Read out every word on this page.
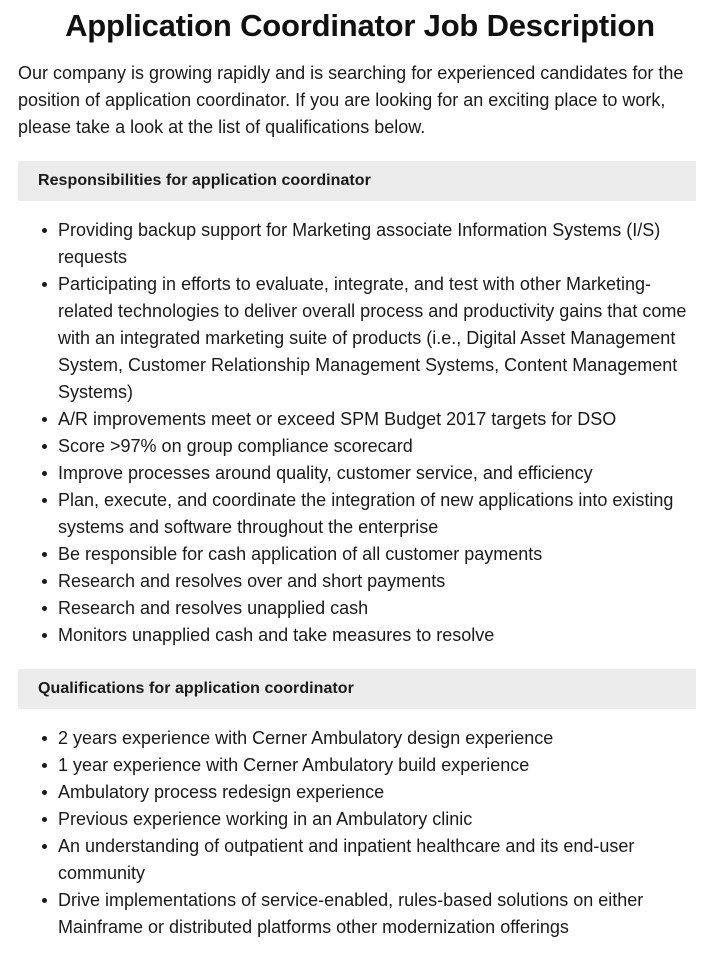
Application Coordinator Job Description

Our company is growing rapidly and is searching for experienced candidates for the position of application coordinator. If you are looking for an exciting place to work, please take a look at the list of qualifications below.

Responsibilities for application coordinator
Providing backup support for Marketing associate Information Systems (I/S) requests
Participating in efforts to evaluate, integrate, and test with other Marketing-related technologies to deliver overall process and productivity gains that come with an integrated marketing suite of products (i.e., Digital Asset Management System, Customer Relationship Management Systems, Content Management Systems)
A/R improvements meet or exceed SPM Budget 2017 targets for DSO
Score >97% on group compliance scorecard
Improve processes around quality, customer service, and efficiency
Plan, execute, and coordinate the integration of new applications into existing systems and software throughout the enterprise
Be responsible for cash application of all customer payments
Research and resolves over and short payments
Research and resolves unapplied cash
Monitors unapplied cash and take measures to resolve
Qualifications for application coordinator
2 years experience with Cerner Ambulatory design experience
1 year experience with Cerner Ambulatory build experience
Ambulatory process redesign experience
Previous experience working in an Ambulatory clinic
An understanding of outpatient and inpatient healthcare and its end-user community
Drive implementations of service-enabled, rules-based solutions on either Mainframe or distributed platforms other modernization offerings
